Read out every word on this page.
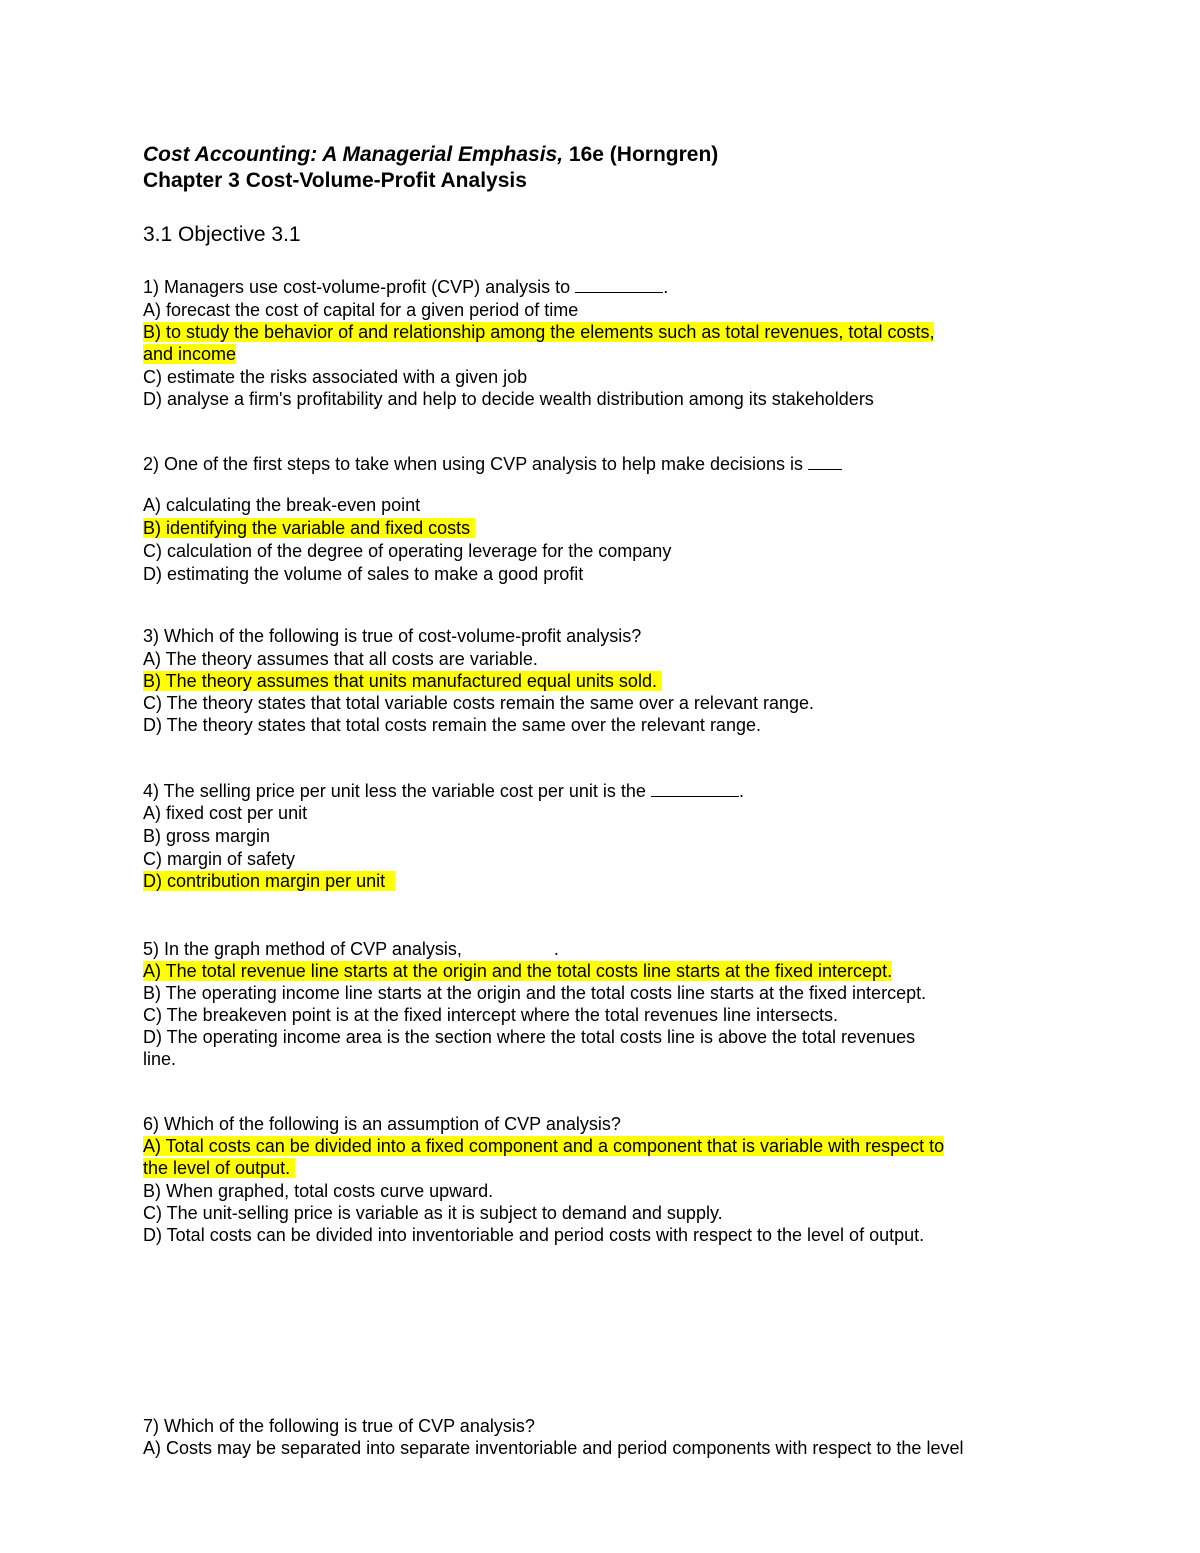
Cost Accounting: A Managerial Emphasis, 16e (Horngren)
Chapter 3 Cost-Volume-Profit Analysis
3.1 Objective 3.1
1) Managers use cost-volume-profit (CVP) analysis to	.
A) forecast the cost of capital for a given period of time
B) to study the behavior of and relationship among the elements such as total revenues, total costs,
and income
C) estimate the risks associated with a given job
D) analyse a firm's profitability and help to decide wealth distribution among its stakeholders
2) One of the first steps to take when using CVP analysis to help make decisions is
A) calculating the break-even point
B) identifying the variable and fixed costs
C) calculation of the degree of operating leverage for the company
D) estimating the volume of sales to make a good profit
3) Which of the following is true of cost-volume-profit analysis?
A) The theory assumes that all costs are variable.
B) The theory assumes that units manufactured equal units sold.
C) The theory states that total variable costs remain the same over a relevant range.
D) The theory states that total costs remain the same over the relevant range.
4) The selling price per unit less the variable cost per unit is the	.
A) fixed cost per unit
B) gross margin
C) margin of safety
D) contribution margin per unit
5) In the graph method of CVP analysis,	.
A) The total revenue line starts at the origin and the total costs line starts at the fixed intercept.
B) The operating income line starts at the origin and the total costs line starts at the fixed intercept.
C) The breakeven point is at the fixed intercept where the total revenues line intersects.
D) The operating income area is the section where the total costs line is above the total revenues
line.
6) Which of the following is an assumption of CVP analysis?
A) Total costs can be divided into a fixed component and a component that is variable with respect to
the level of output.
B) When graphed, total costs curve upward.
C) The unit-selling price is variable as it is subject to demand and supply.
D) Total costs can be divided into inventoriable and period costs with respect to the level of output.
7) Which of the following is true of CVP analysis?
A) Costs may be separated into separate inventoriable and period components with respect to the level
